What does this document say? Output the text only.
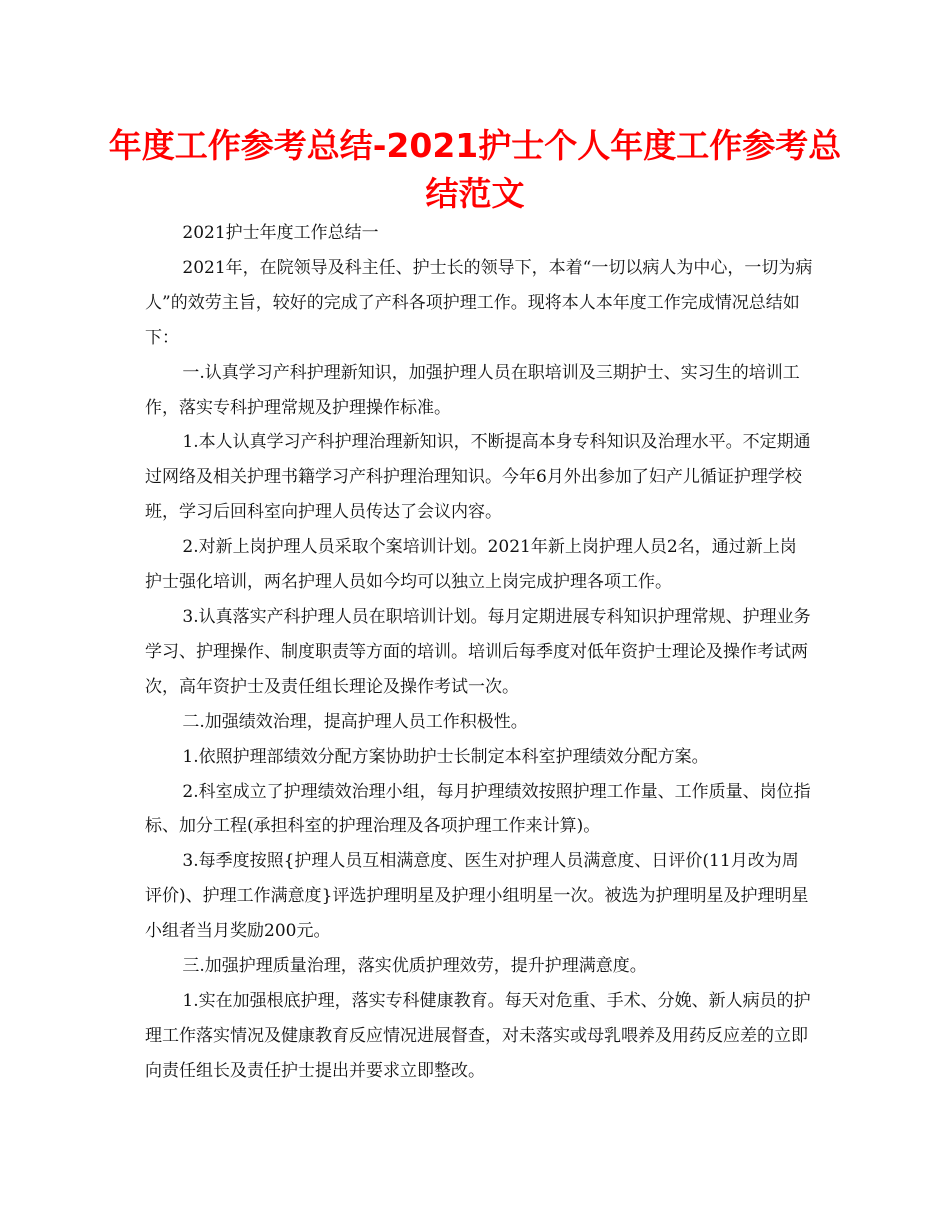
年度工作参考总结-2021护士个人年度工作参考总结范文

2021护士年度工作总结一

2021年，在院领导及科主任、护士长的领导下，本着“一切以病人为中心，一切为病人”的效劳主旨，较好的完成了产科各项护理工作。现将本人本年度工作完成情况总结如下：

一.认真学习产科护理新知识，加强护理人员在职培训及三期护士、实习生的培训工作，落实专科护理常规及护理操作标准。

1.本人认真学习产科护理治理新知识，不断提高本身专科知识及治理水平。不定期通过网络及相关护理书籍学习产科护理治理知识。今年6月外出参加了妇产儿循证护理学校班，学习后回科室向护理人员传达了会议内容。

2.对新上岗护理人员采取个案培训计划。2021年新上岗护理人员2名，通过新上岗护士强化培训，两名护理人员如今均可以独立上岗完成护理各项工作。

3.认真落实产科护理人员在职培训计划。每月定期进展专科知识护理常规、护理业务学习、护理操作、制度职责等方面的培训。培训后每季度对低年资护士理论及操作考试两次，高年资护士及责任组长理论及操作考试一次。

二.加强绩效治理，提高护理人员工作积极性。

1.依照护理部绩效分配方案协助护士长制定本科室护理绩效分配方案。

2.科室成立了护理绩效治理小组，每月护理绩效按照护理工作量、工作质量、岗位指标、加分工程(承担科室的护理治理及各项护理工作来计算)。

3.每季度按照{护理人员互相满意度、医生对护理人员满意度、日评价(11月改为周评价)、护理工作满意度}评选护理明星及护理小组明星一次。被选为护理明星及护理明星小组者当月奖励200元。

三.加强护理质量治理，落实优质护理效劳，提升护理满意度。

1.实在加强根底护理，落实专科健康教育。每天对危重、手术、分娩、新人病员的护理工作落实情况及健康教育反应情况进展督查，对未落实或母乳喂养及用药反应差的立即向责任组长及责任护士提出并要求立即整改。
